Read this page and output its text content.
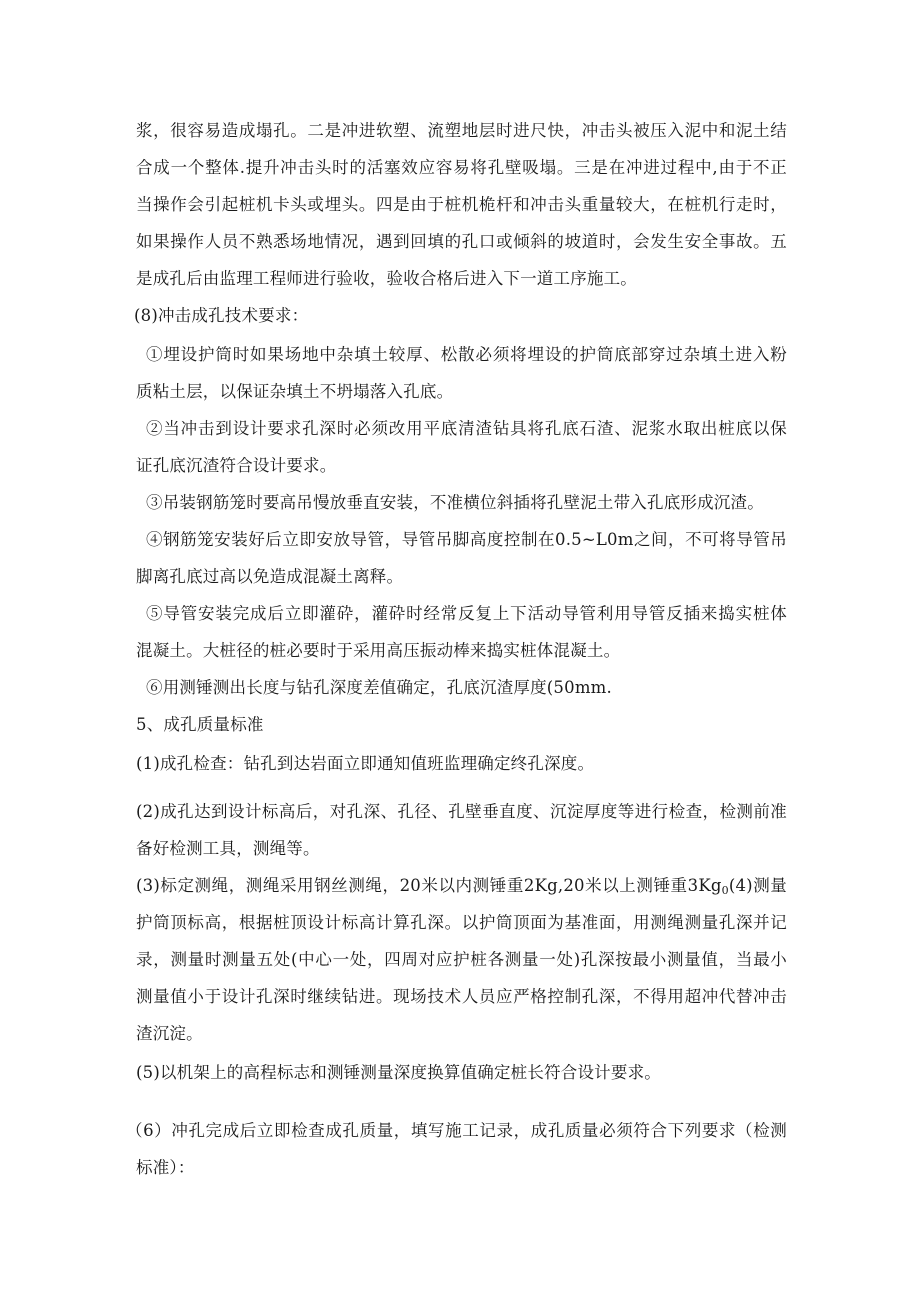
浆，很容易造成塌孔。二是冲进软塑、流塑地层时进尺快，冲击头被压入泥中和泥土结
合成一个整体.提升冲击头时的活塞效应容易将孔壁吸塌。三是在冲进过程中,由于不正
当操作会引起桩机卡头或埋头。四是由于桩机桅杆和冲击头重量较大，在桩机行走时，
如果操作人员不熟悉场地情况，遇到回填的孔口或倾斜的坡道时，会发生安全事故。五
是成孔后由监理工程师进行验收，验收合格后进入下一道工序施工。
(8)冲击成孔技术要求：
①埋设护筒时如果场地中杂填土较厚、松散必须将埋设的护筒底部穿过杂填土进入粉
质粘土层，以保证杂填土不坍塌落入孔底。
②当冲击到设计要求孔深时必须改用平底清渣钻具将孔底石渣、泥浆水取出桩底以保
证孔底沉渣符合设计要求。
③吊装钢筋笼时要高吊慢放垂直安装，不准横位斜插将孔壁泥土带入孔底形成沉渣。
④钢筋笼安装好后立即安放导管，导管吊脚高度控制在0.5~L0m之间，不可将导管吊
脚离孔底过高以免造成混凝土离释。
⑤导管安装完成后立即灌砕，灌砕时经常反复上下活动导管利用导管反插来捣实桩体
混凝土。大桩径的桩必要时于采用高压振动棒来捣实桩体混凝土。
⑥用测锤测出长度与钻孔深度差值确定，孔底沉渣厚度(50mm.
5、成孔质量标准
(1)成孔检查：钻孔到达岩面立即通知值班监理确定终孔深度。
(2)成孔达到设计标高后，对孔深、孔径、孔壁垂直度、沉淀厚度等进行检查，检测前准
备好检测工具，测绳等。
(3)标定测绳，测绳采用钢丝测绳，20米以内测锤重2Kg,20米以上测锤重$3Kg_0(4)$测量
护筒顶标高，根据桩顶设计标高计算孔深。以护筒顶面为基准面，用测绳测量孔深并记
录，测量时测量五处(中心一处，四周对应护桩各测量一处)孔深按最小测量值，当最小
测量值小于设计孔深时继续钻进。现场技术人员应严格控制孔深，不得用超冲代替冲击
渣沉淀。
(5)以机架上的高程标志和测锤测量深度换算值确定桩长符合设计要求。
（6）冲孔完成后立即检查成孔质量，填写施工记录，成孔质量必须符合下列要求（检测
标准）：
